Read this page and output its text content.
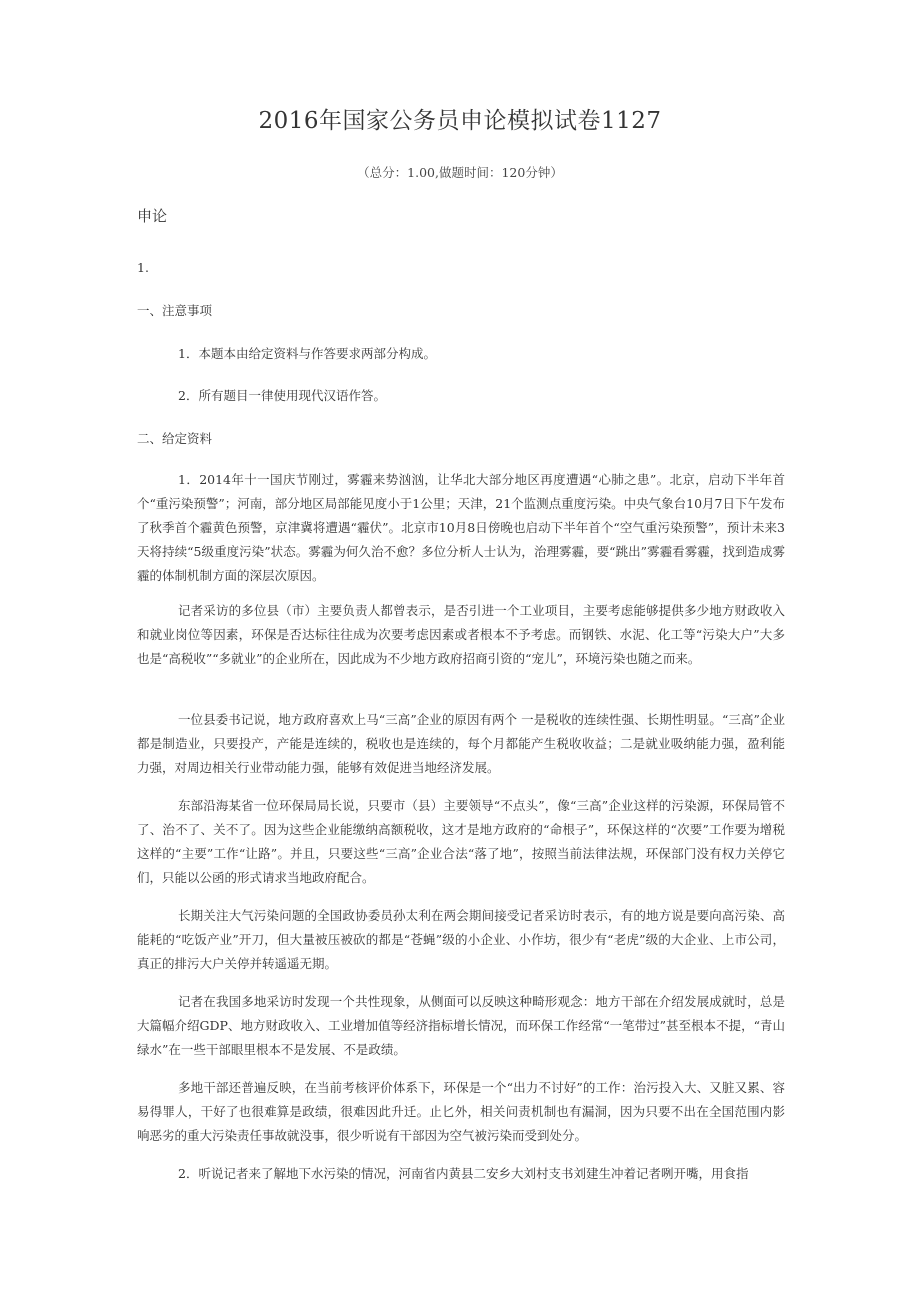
2016年国家公务员申论模拟试卷1127
（总分：1.00,做题时间：120分钟）
申论
1.
一、注意事项
1．本题本由给定资料与作答要求两部分构成。
2．所有题目一律使用现代汉语作答。
二、给定资料

1．2014年十一国庆节刚过，雾霾来势汹汹，让华北大部分地区再度遭遇“心肺之患”。北京，启动下半年首个“重污染预警”；河南，部分地区局部能见度小于1公里；天津，21个监测点重度污染。中央气象台10月7日下午发布了秋季首个霾黄色预警，京津冀将遭遇“霾伏”。北京市10月8日傍晚也启动下半年首个“空气重污染预警”，预计未来3天将持续“5级重度污染”状态。雾霾为何久治不愈？多位分析人士认为，治理雾霾，要“跳出”雾霾看雾霾，找到造成雾霾的体制机制方面的深层次原因。

记者采访的多位县（市）主要负责人都曾表示，是否引进一个工业项目，主要考虑能够提供多少地方财政收入和就业岗位等因素，环保是否达标往往成为次要考虑因素或者根本不予考虑。而钢铁、水泥、化工等“污染大户”大多也是“高税收”“多就业”的企业所在，因此成为不少地方政府招商引资的“宠儿”，环境污染也随之而来。

一位县委书记说，地方政府喜欢上马“三高”企业的原因有两个 一是税收的连续性强、长期性明显。“三高”企业都是制造业，只要投产，产能是连续的，税收也是连续的，每个月都能产生税收收益；二是就业吸纳能力强，盈利能力强，对周边相关行业带动能力强，能够有效促进当地经济发展。

东部沿海某省一位环保局局长说，只要市（县）主要领导“不点头”，像“三高”企业这样的污染源，环保局管不了、治不了、关不了。因为这些企业能缴纳高额税收，这才是地方政府的“命根子”，环保这样的“次要”工作要为增税这样的“主要”工作“让路”。并且，只要这些“三高”企业合法“落了地”，按照当前法律法规，环保部门没有权力关停它们，只能以公函的形式请求当地政府配合。

长期关注大气污染问题的全国政协委员孙太利在两会期间接受记者采访时表示，有的地方说是要向高污染、高能耗的“吃饭产业”开刀，但大量被压被砍的都是“苍蝇”级的小企业、小作坊，很少有“老虎”级的大企业、上市公司，真正的排污大户关停并转遥遥无期。

记者在我国多地采访时发现一个共性现象，从侧面可以反映这种畸形观念：地方干部在介绍发展成就时，总是大篇幅介绍GDP、地方财政收入、工业增加值等经济指标增长情况，而环保工作经常“一笔带过”甚至根本不提，“青山绿水”在一些干部眼里根本不是发展、不是政绩。

多地干部还普遍反映，在当前考核评价体系下，环保是一个“出力不讨好”的工作：治污投入大、又脏又累、容易得罪人，干好了也很难算是政绩，很难因此升迁。止匕外，相关问责机制也有漏洞，因为只要不出在全国范围内影响恶劣的重大污染责任事故就没事，很少听说有干部因为空气被污染而受到处分。

2．听说记者来了解地下水污染的情况，河南省内黄县二安乡大刘村支书刘建生冲着记者咧开嘴，用食指
